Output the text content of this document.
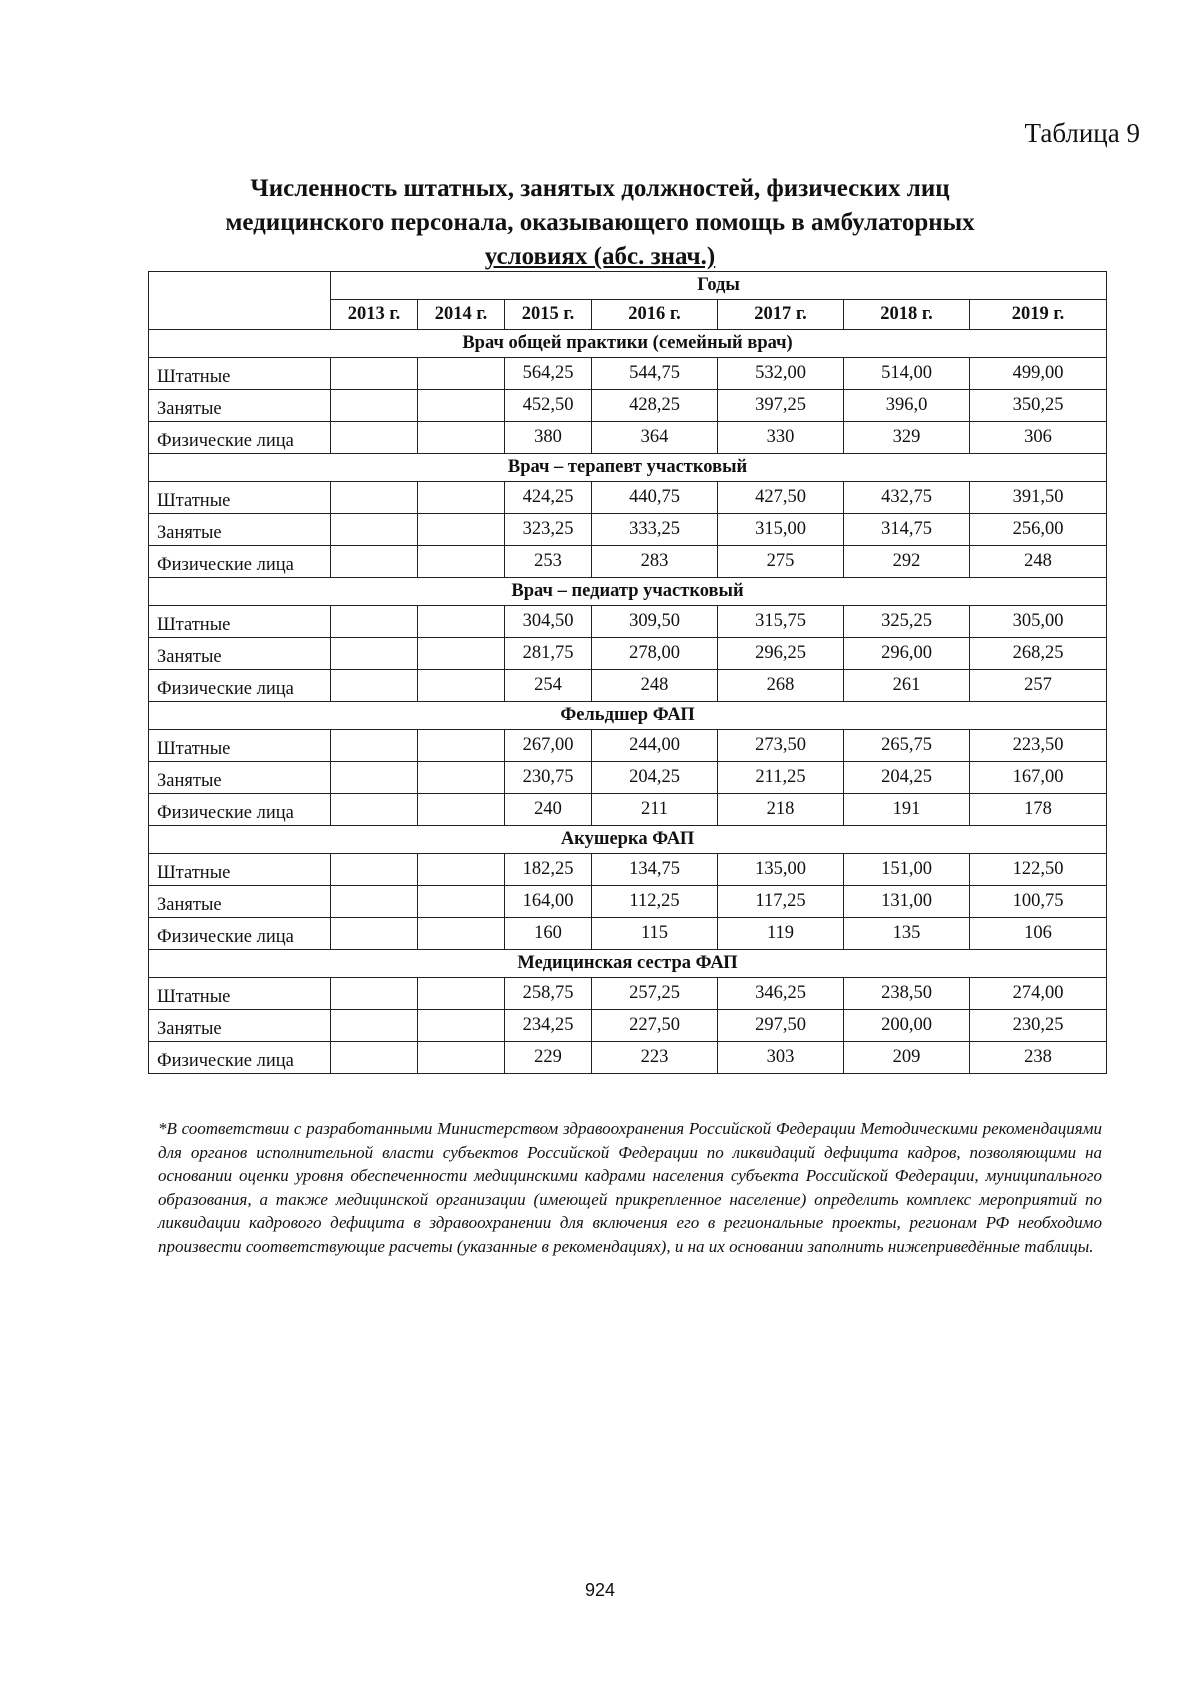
Таблица 9
Численность штатных, занятых должностей, физических лиц
медицинского персонала, оказывающего помощь в амбулаторных
условиях (абс. знач.)
	Годы						
	2013 г.	2014 г.	2015 г.	2016 г.	2017 г.	2018 г.	2019 г.
Врач общей практики (семейный врач)							
Штатные			564,25	544,75	532,00	514,00	499,00
Занятые			452,50	428,25	397,25	396,0	350,25
Физические лица			380	364	330	329	306
Врач – терапевт участковый							
Штатные			424,25	440,75	427,50	432,75	391,50
Занятые			323,25	333,25	315,00	314,75	256,00
Физические лица			253	283	275	292	248
Врач – педиатр участковый							
Штатные			304,50	309,50	315,75	325,25	305,00
Занятые			281,75	278,00	296,25	296,00	268,25
Физические лица			254	248	268	261	257
Фельдшер ФАП							
Штатные			267,00	244,00	273,50	265,75	223,50
Занятые			230,75	204,25	211,25	204,25	167,00
Физические лица			240	211	218	191	178
Акушерка ФАП							
Штатные			182,25	134,75	135,00	151,00	122,50
Занятые			164,00	112,25	117,25	131,00	100,75
Физические лица			160	115	119	135	106
Медицинская сестра ФАП							
Штатные			258,75	257,25	346,25	238,50	274,00
Занятые			234,25	227,50	297,50	200,00	230,25
Физические лица			229	223	303	209	238
*В соответствии с разработанными Министерством здравоохранения Российской Федерации Методическими рекомендациями для органов исполнительной власти субъектов Российской Федерации по ликвидаций дефицита кадров, позволяющими на основании оценки уровня обеспеченности медицинскими кадрами населения субъекта Российской Федерации, муниципального образования, а также медицинской организации (имеющей прикрепленное население) определить комплекс мероприятий по ликвидации кадрового дефицита в здравоохранении для включения его в региональные проекты, регионам РФ необходимо произвести соответствующие расчеты (указанные в рекомендациях), и на их основании заполнить нижеприведённые таблицы.
924
